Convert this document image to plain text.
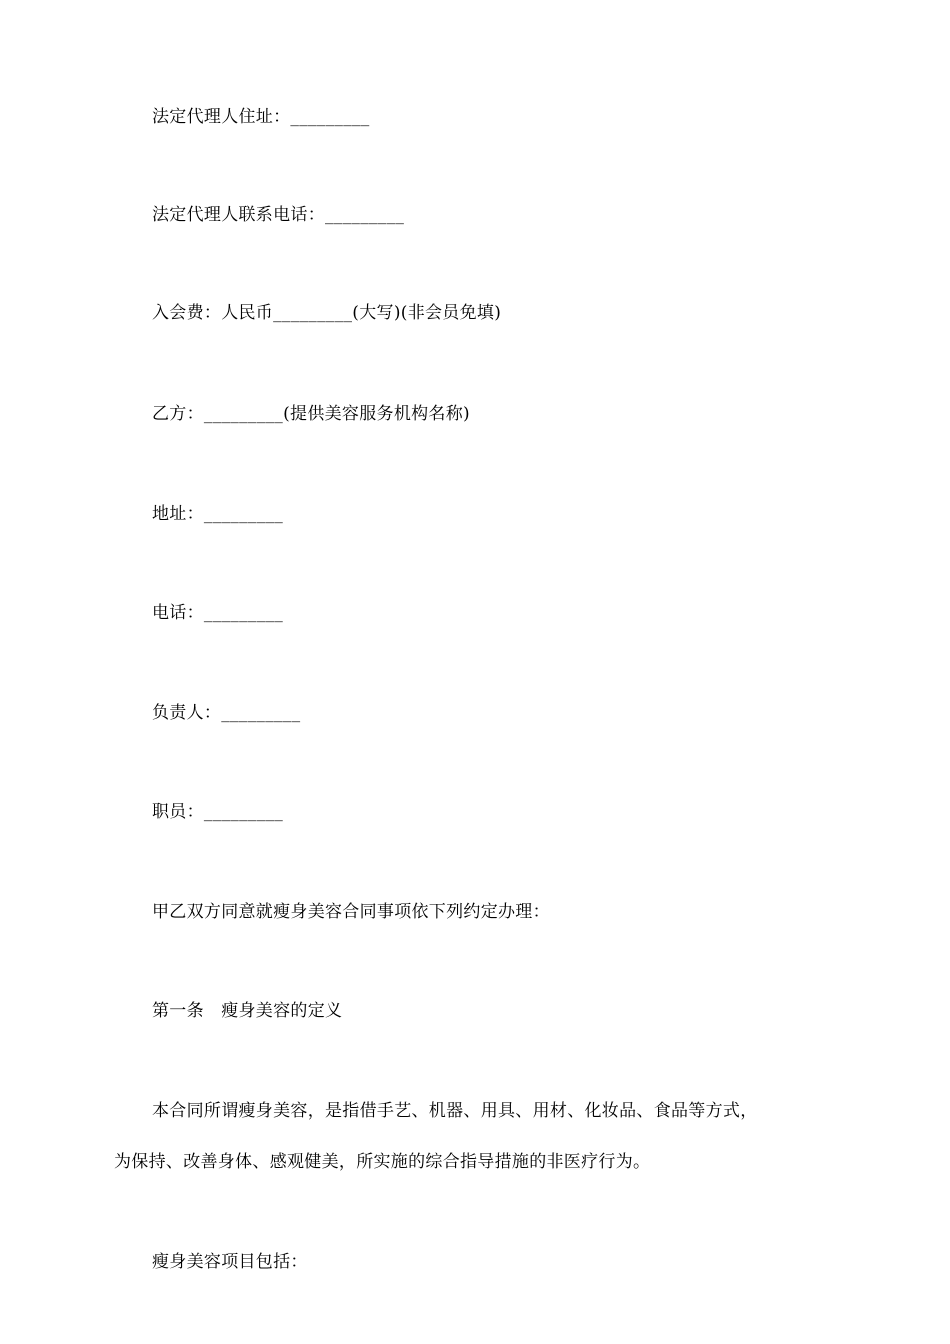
法定代理人住址：_________
法定代理人联系电话：_________
入会费：人民币_________(大写)(非会员免填)
乙方：_________(提供美容服务机构名称)
地址：_________
电话：_________
负责人：_________
职员：_________
甲乙双方同意就瘦身美容合同事项依下列约定办理：
第一条　瘦身美容的定义
本合同所谓瘦身美容，是指借手艺、机器、用具、用材、化妆品、食品等方式，
为保持、改善身体、感观健美，所实施的综合指导措施的非医疗行为。
瘦身美容项目包括：
